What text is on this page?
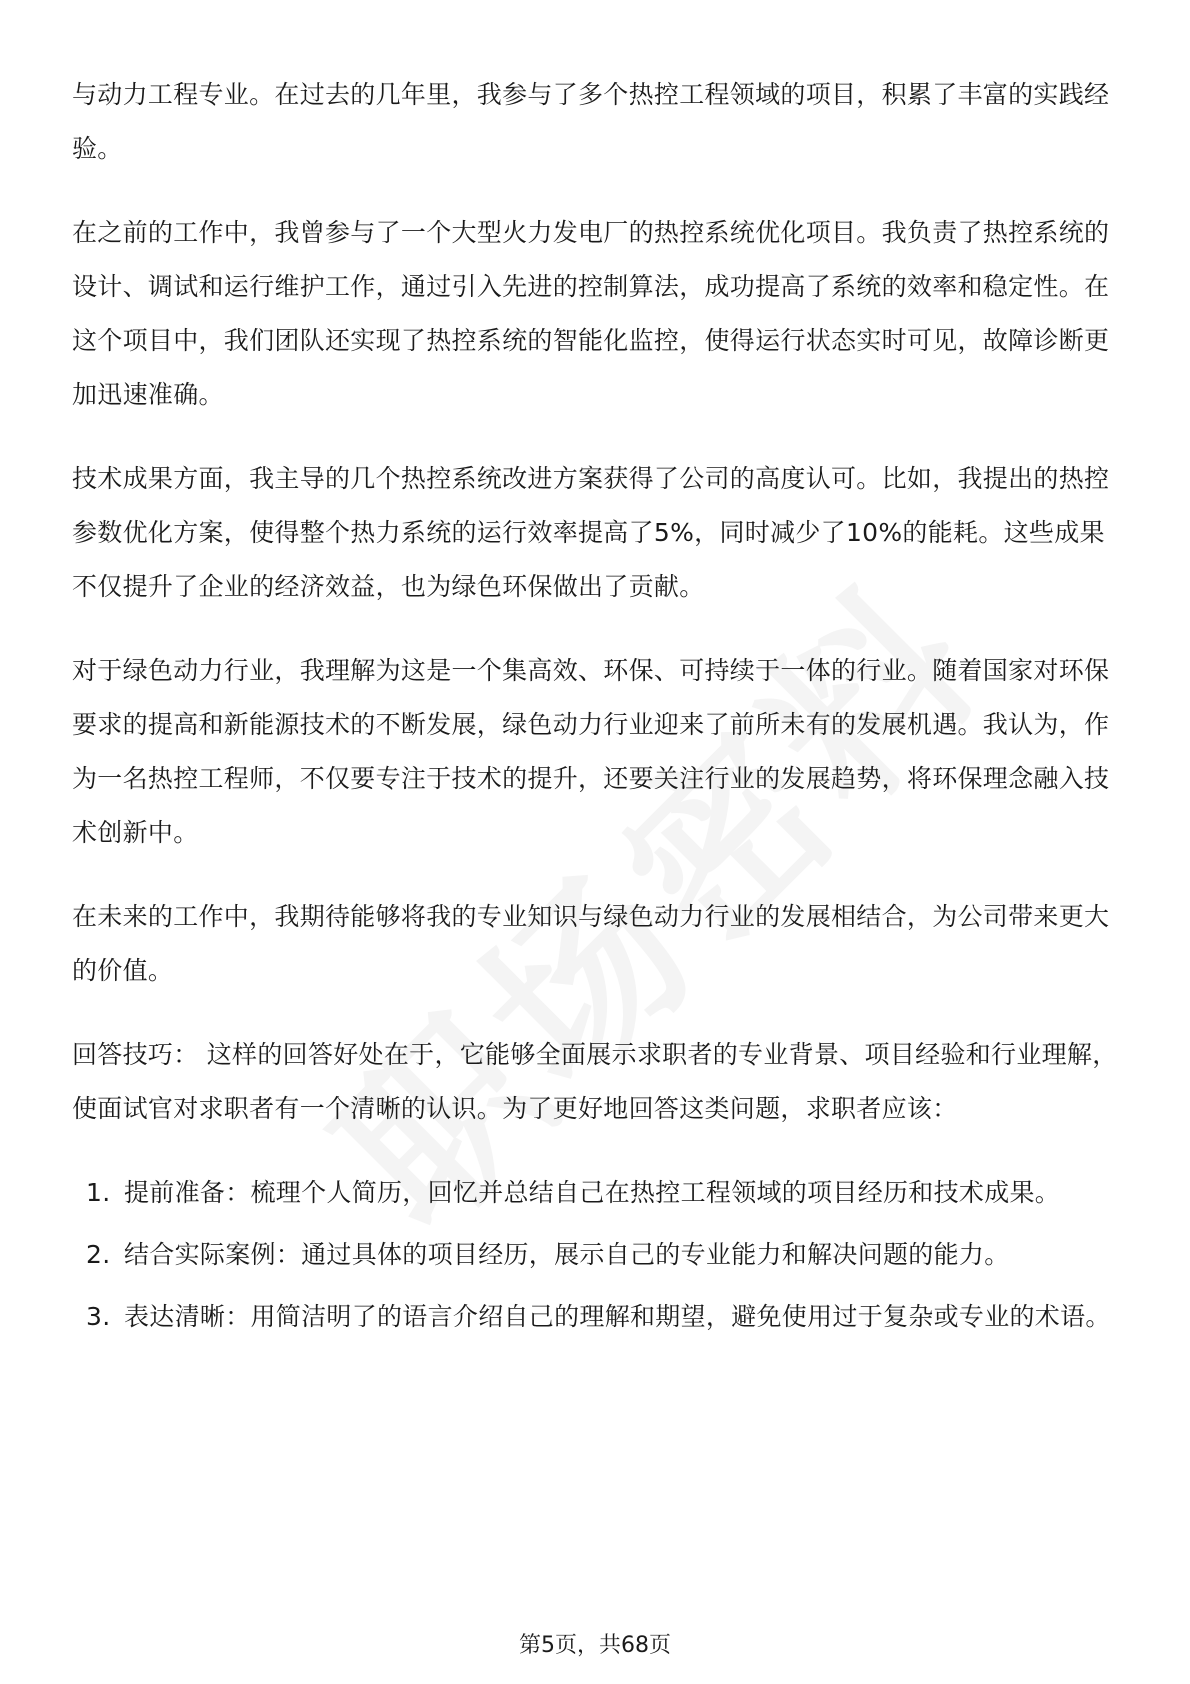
与动力工程专业。在过去的几年里，我参与了多个热控工程领域的项目，积累了丰富的实践经验。

在之前的工作中，我曾参与了一个大型火力发电厂的热控系统优化项目。我负责了热控系统的设计、调试和运行维护工作，通过引入先进的控制算法，成功提高了系统的效率和稳定性。在这个项目中，我们团队还实现了热控系统的智能化监控，使得运行状态实时可见，故障诊断更加迅速准确。

技术成果方面，我主导的几个热控系统改进方案获得了公司的高度认可。比如，我提出的热控参数优化方案，使得整个热力系统的运行效率提高了5%，同时减少了10%的能耗。这些成果不仅提升了企业的经济效益，也为绿色环保做出了贡献。

对于绿色动力行业，我理解为这是一个集高效、环保、可持续于一体的行业。随着国家对环保要求的提高和新能源技术的不断发展，绿色动力行业迎来了前所未有的发展机遇。我认为，作为一名热控工程师，不仅要专注于技术的提升，还要关注行业的发展趋势，将环保理念融入技术创新中。

在未来的工作中，我期待能够将我的专业知识与绿色动力行业的发展相结合，为公司带来更大的价值。

回答技巧： 这样的回答好处在于，它能够全面展示求职者的专业背景、项目经验和行业理解，使面试官对求职者有一个清晰的认识。为了更好地回答这类问题，求职者应该：

1. 提前准备：梳理个人简历，回忆并总结自己在热控工程领域的项目经历和技术成果。
2. 结合实际案例：通过具体的项目经历，展示自己的专业能力和解决问题的能力。
3. 表达清晰：用简洁明了的语言介绍自己的理解和期望，避免使用过于复杂或专业的术语。
第5页，共68页
